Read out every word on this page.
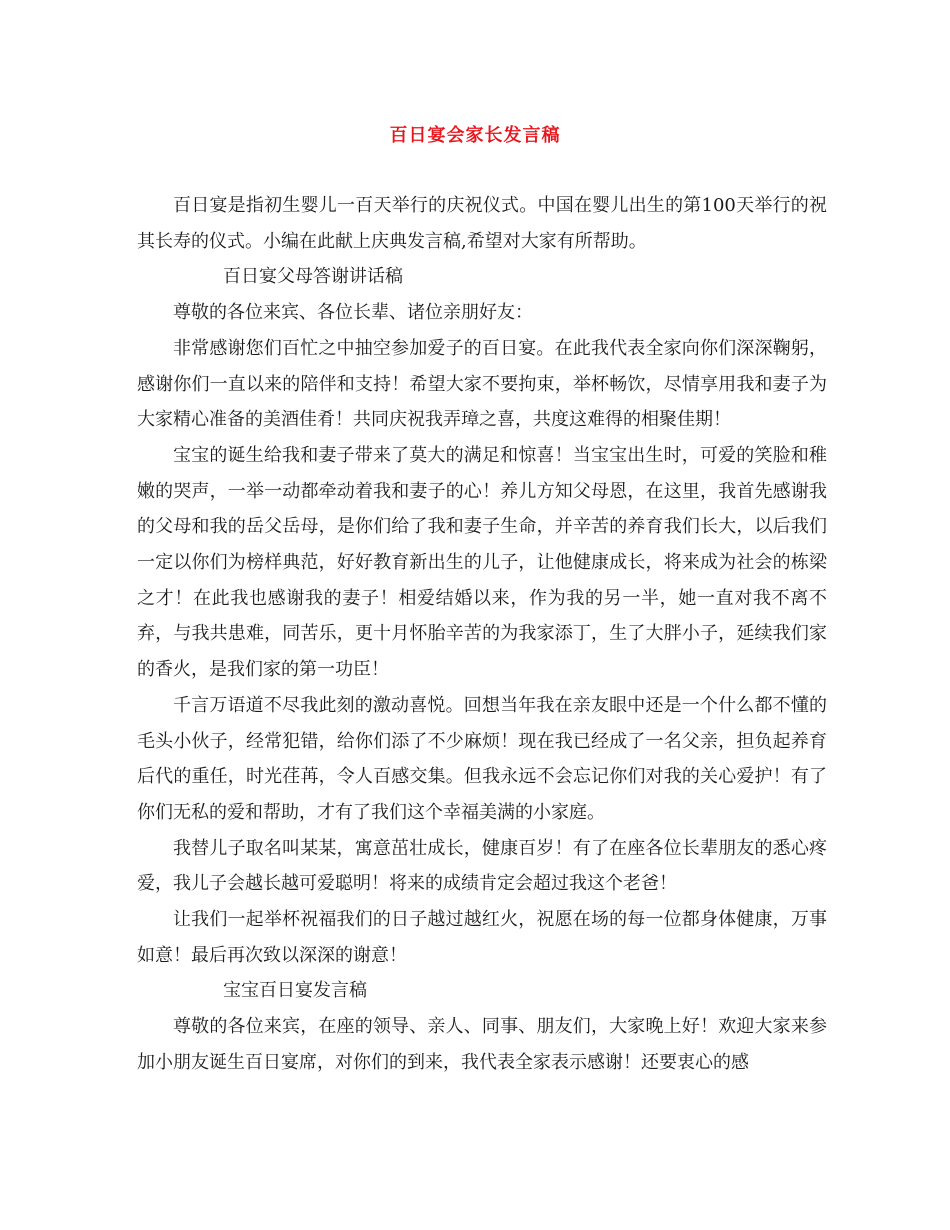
百日宴会家长发言稿

百日宴是指初生婴儿一百天举行的庆祝仪式。中国在婴儿出生的第100天举行的祝其长寿的仪式。小编在此献上庆典发言稿,希望对大家有所帮助。

百日宴父母答谢讲话稿

尊敬的各位来宾、各位长辈、诸位亲朋好友：

非常感谢您们百忙之中抽空参加爱子的百日宴。在此我代表全家向你们深深鞠躬，感谢你们一直以来的陪伴和支持！希望大家不要拘束，举杯畅饮，尽情享用我和妻子为大家精心准备的美酒佳肴！共同庆祝我弄璋之喜，共度这难得的相聚佳期！

宝宝的诞生给我和妻子带来了莫大的满足和惊喜！当宝宝出生时，可爱的笑脸和稚嫩的哭声，一举一动都牵动着我和妻子的心！养儿方知父母恩，在这里，我首先感谢我的父母和我的岳父岳母，是你们给了我和妻子生命，并辛苦的养育我们长大，以后我们一定以你们为榜样典范，好好教育新出生的儿子，让他健康成长，将来成为社会的栋梁之才！在此我也感谢我的妻子！相爱结婚以来，作为我的另一半，她一直对我不离不弃，与我共患难，同苦乐，更十月怀胎辛苦的为我家添丁，生了大胖小子，延续我们家的香火，是我们家的第一功臣！

千言万语道不尽我此刻的激动喜悦。回想当年我在亲友眼中还是一个什么都不懂的毛头小伙子，经常犯错，给你们添了不少麻烦！现在我已经成了一名父亲，担负起养育后代的重任，时光荏苒，令人百感交集。但我永远不会忘记你们对我的关心爱护！有了你们无私的爱和帮助，才有了我们这个幸福美满的小家庭。

我替儿子取名叫某某，寓意茁壮成长，健康百岁！有了在座各位长辈朋友的悉心疼爱，我儿子会越长越可爱聪明！将来的成绩肯定会超过我这个老爸！

让我们一起举杯祝福我们的日子越过越红火，祝愿在场的每一位都身体健康，万事如意！最后再次致以深深的谢意！

宝宝百日宴发言稿

尊敬的各位来宾，在座的领导、亲人、同事、朋友们，大家晚上好！欢迎大家来参加小朋友诞生百日宴席，对你们的到来，我代表全家表示感谢！还要衷心的感
